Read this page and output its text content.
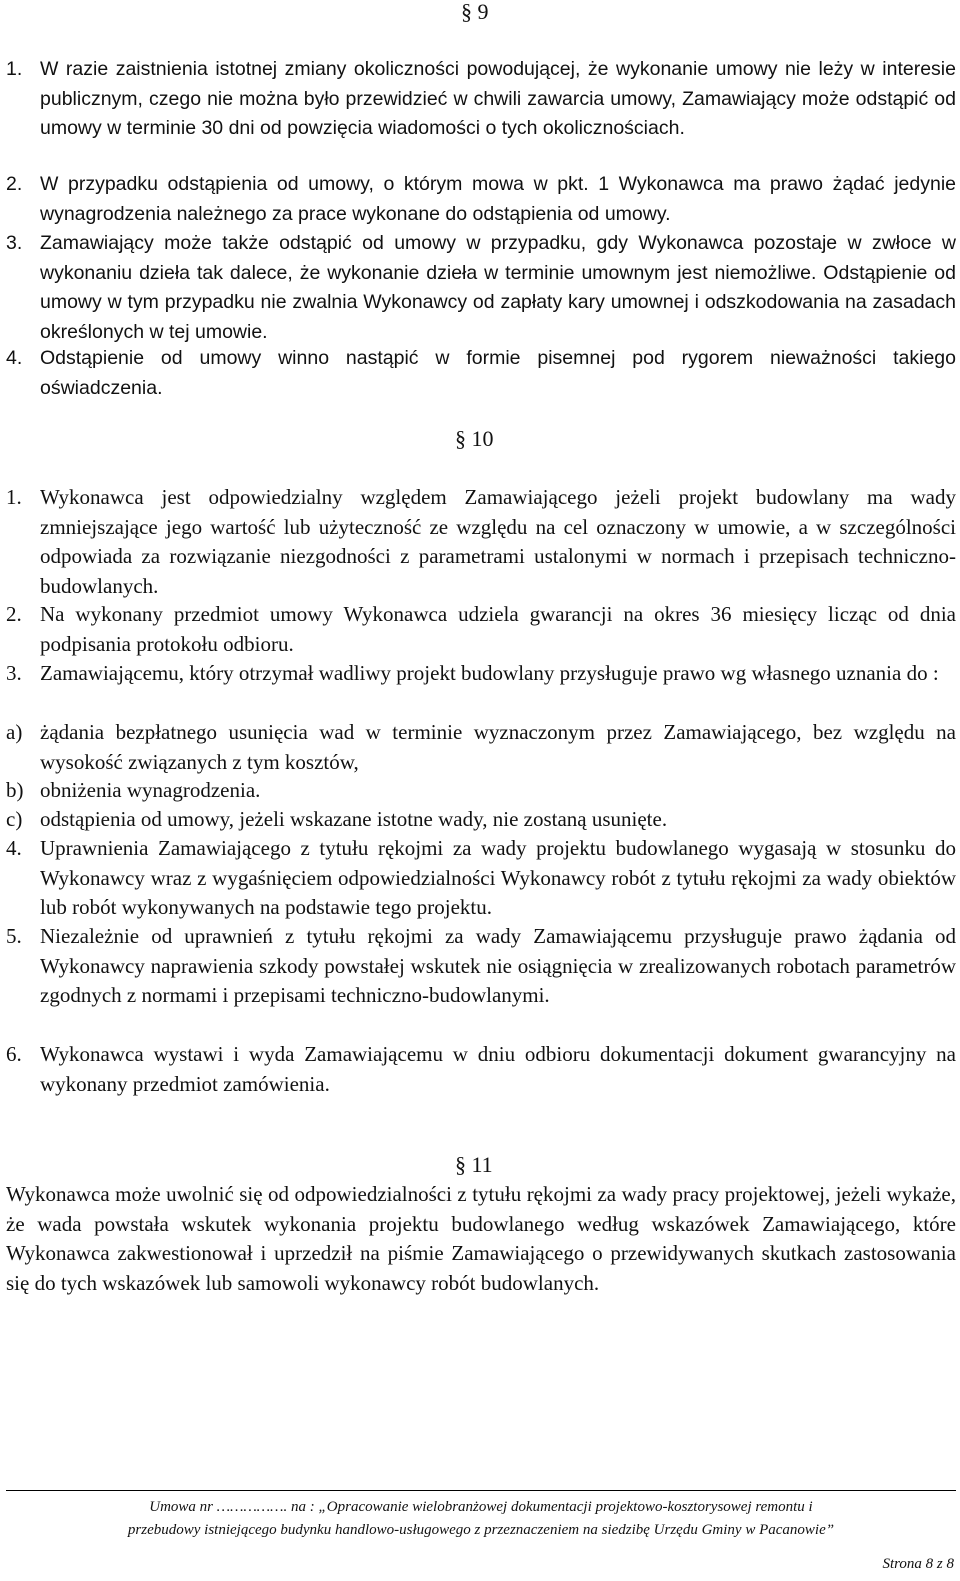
§ 9
1. W razie zaistnienia istotnej zmiany okoliczności powodującej, że wykonanie umowy nie leży w interesie publicznym, czego nie można było przewidzieć w chwili zawarcia umowy, Zamawiający może odstąpić od umowy w terminie 30 dni od powzięcia wiadomości o tych okolicznościach.
2. W przypadku odstąpienia od umowy, o którym mowa w pkt. 1 Wykonawca ma prawo żądać jedynie wynagrodzenia należnego za prace wykonane do odstąpienia od umowy.
3. Zamawiający może także odstąpić od umowy w przypadku, gdy Wykonawca pozostaje w zwłoce w wykonaniu dzieła tak dalece, że wykonanie dzieła w terminie umownym jest niemożliwe. Odstąpienie od umowy w tym przypadku nie zwalnia Wykonawcy od zapłaty kary umownej i odszkodowania na zasadach określonych w tej umowie.
4. Odstąpienie od umowy winno nastąpić w formie pisemnej pod rygorem nieważności takiego oświadczenia.
§ 10
1. Wykonawca jest odpowiedzialny względem Zamawiającego jeżeli projekt budowlany ma wady zmniejszające jego wartość lub użyteczność ze względu na cel oznaczony w umowie, a w szczególności odpowiada za rozwiązanie niezgodności z parametrami ustalonymi w normach i przepisach techniczno-budowlanych.
2. Na wykonany przedmiot umowy Wykonawca udziela gwarancji na okres 36 miesięcy licząc od dnia podpisania protokołu odbioru.
3. Zamawiającemu, który otrzymał wadliwy projekt budowlany przysługuje prawo wg własnego uznania do :
a) żądania bezpłatnego usunięcia wad w terminie wyznaczonym przez Zamawiającego, bez względu na wysokość związanych z tym kosztów,
b) obniżenia wynagrodzenia.
c) odstąpienia od umowy, jeżeli wskazane istotne wady, nie zostaną usunięte.
4. Uprawnienia Zamawiającego z tytułu rękojmi za wady projektu budowlanego wygasają w stosunku do Wykonawcy wraz z wygaśnięciem odpowiedzialności Wykonawcy robót z tytułu rękojmi za wady obiektów lub robót wykonywanych na podstawie tego projektu.
5. Niezależnie od uprawnień z tytułu rękojmi za wady Zamawiającemu przysługuje prawo żądania od Wykonawcy naprawienia szkody powstałej wskutek nie osiągnięcia w zrealizowanych robotach parametrów zgodnych z normami i przepisami techniczno-budowlanymi.
6. Wykonawca wystawi i wyda Zamawiającemu w dniu odbioru dokumentacji dokument gwarancyjny na wykonany przedmiot zamówienia.
§ 11
Wykonawca może uwolnić się od odpowiedzialności z tytułu rękojmi za wady pracy projektowej, jeżeli wykaże, że wada powstała wskutek wykonania projektu budowlanego według wskazówek Zamawiającego, które Wykonawca zakwestionował i uprzedził na piśmie Zamawiającego o przewidywanych skutkach zastosowania się do tych wskazówek lub samowoli wykonawcy robót budowlanych.
Umowa nr ……………. na : „Opracowanie wielobranżowej dokumentacji projektowo-kosztorysowej remontu i
przebudowy istniejącego budynku handlowo-usługowego z przeznaczeniem na siedzibę Urzędu Gminy w Pacanowie”
Strona 8 z 8
